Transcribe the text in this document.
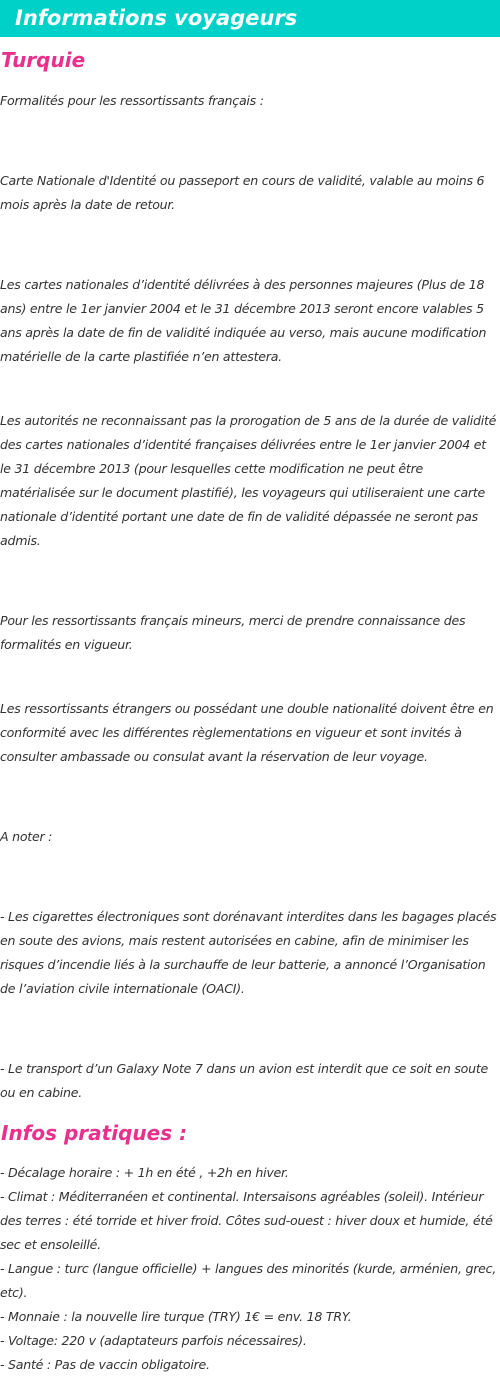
Informations voyageurs
Turquie

Formalités pour les ressortissants français :

Carte Nationale d'Identité ou passeport en cours de validité, valable au moins 6 mois après la date de retour.

Les cartes nationales d’identité délivrées à des personnes majeures (Plus de 18 ans) entre le 1er janvier 2004 et le 31 décembre 2013 seront encore valables 5 ans après la date de fin de validité indiquée au verso, mais aucune modification matérielle de la carte plastifiée n’en attestera.

Les autorités ne reconnaissant pas la prorogation de 5 ans de la durée de validité des cartes nationales d’identité françaises délivrées entre le 1er janvier 2004 et le 31 décembre 2013 (pour lesquelles cette modification ne peut être matérialisée sur le document plastifié), les voyageurs qui utiliseraient une carte nationale d’identité portant une date de fin de validité dépassée ne seront pas admis.

Pour les ressortissants français mineurs, merci de prendre connaissance des formalités en vigueur.

Les ressortissants étrangers ou possédant une double nationalité doivent être en conformité avec les différentes règlementations en vigueur et sont invités à consulter ambassade ou consulat avant la réservation de leur voyage.

A noter :

- Les cigarettes électroniques sont dorénavant interdites dans les bagages placés en soute des avions, mais restent autorisées en cabine, afin de minimiser les risques d’incendie liés à la surchauffe de leur batterie, a annoncé l’Organisation de l’aviation civile internationale (OACI).

- Le transport d’un Galaxy Note 7 dans un avion est interdit que ce soit en soute ou en cabine.

Infos pratiques :
- Décalage horaire : + 1h en été , +2h en hiver.
- Climat : Méditerranéen et continental. Intersaisons agréables (soleil). Intérieur des terres : été torride et hiver froid. Côtes sud-ouest : hiver doux et humide, été sec et ensoleillé.
- Langue : turc (langue officielle) + langues des minorités (kurde, arménien, grec, etc).
- Monnaie : la nouvelle lire turque (TRY) 1€ = env. 18 TRY.
- Voltage: 220 v (adaptateurs parfois nécessaires).
- Santé : Pas de vaccin obligatoire.
